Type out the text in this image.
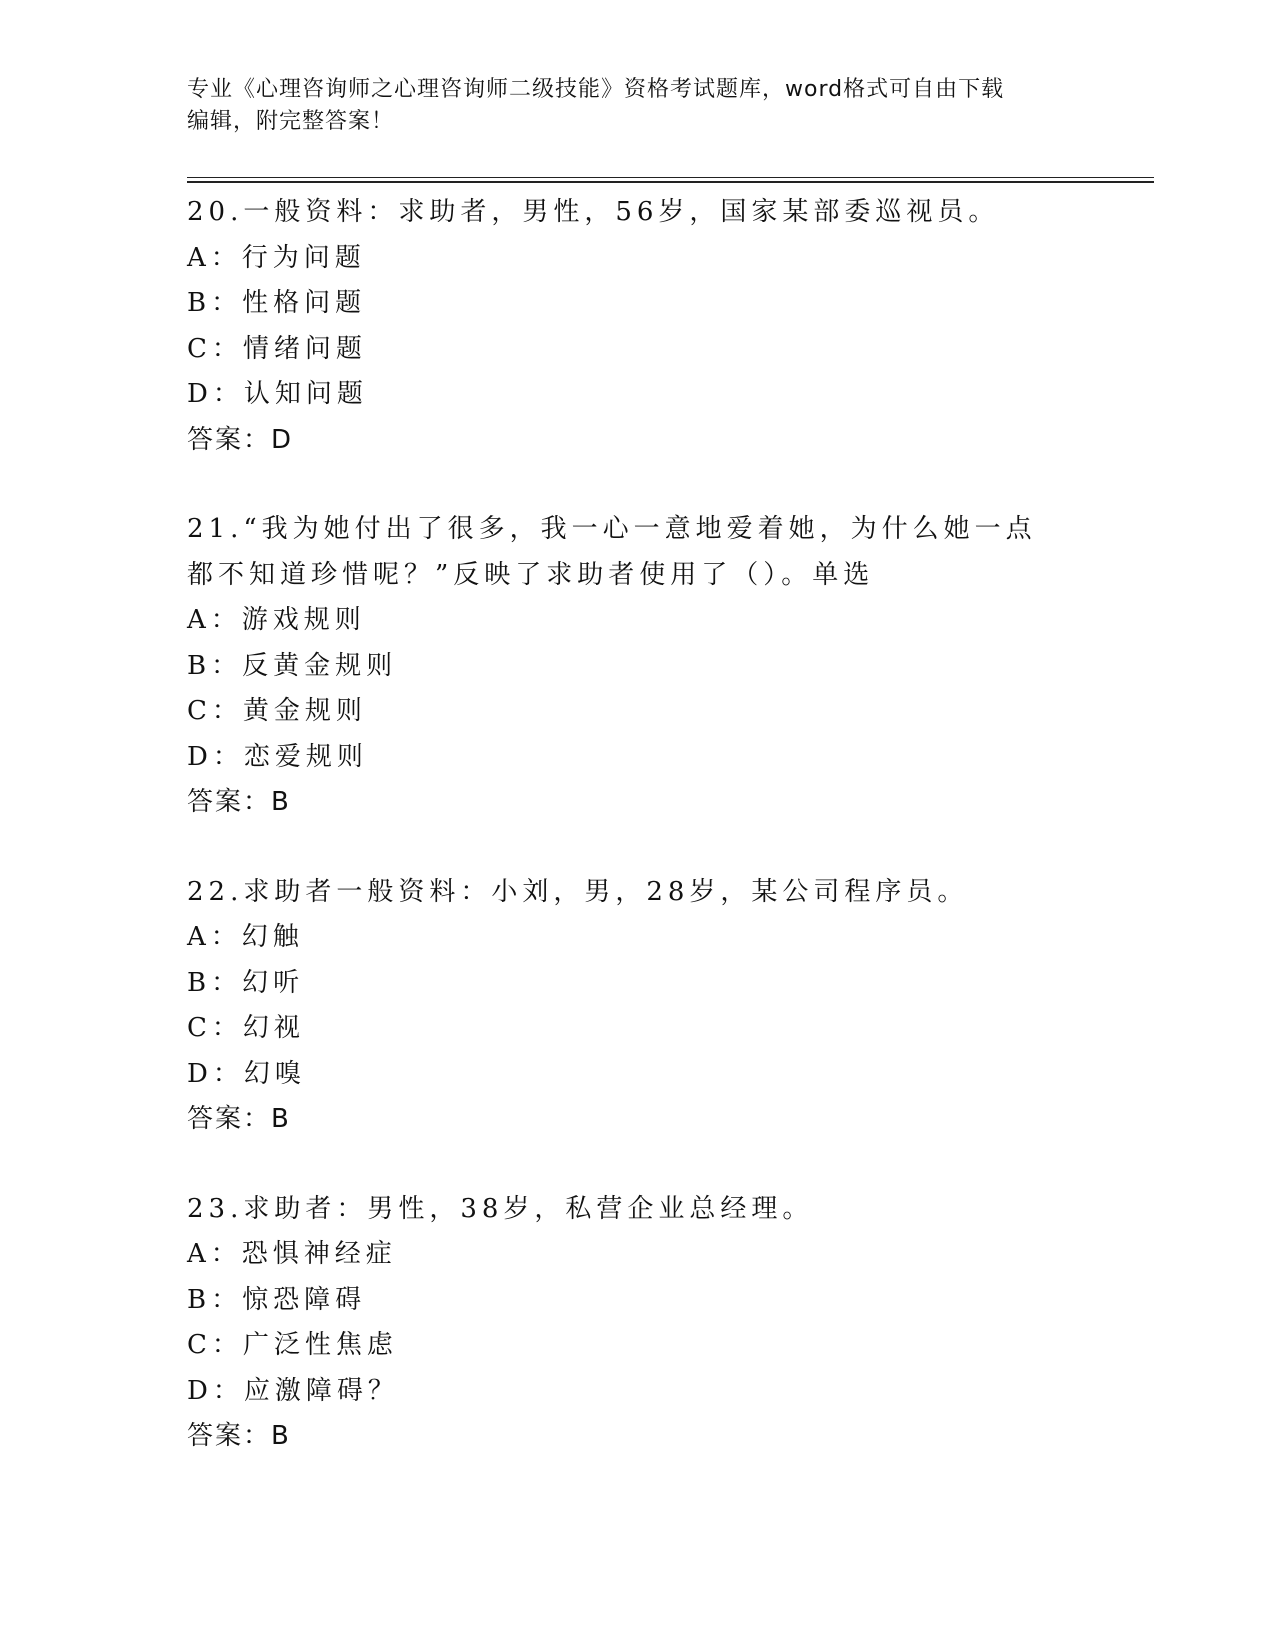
专业《心理咨询师之心理咨询师二级技能》资格考试题库，word格式可自由下载
编辑，附完整答案！
20.一般资料：求助者，男性，56岁，国家某部委巡视员。
A：行为问题
B：性格问题
C：情绪问题
D：认知问题
答案：D
21.“我为她付出了很多，我一心一意地爱着她，为什么她一点都不知道珍惜呢？”反映了求助者使用了（）。单选
A：游戏规则
B：反黄金规则
C：黄金规则
D：恋爱规则
答案：B
22.求助者一般资料：小刘，男，28岁，某公司程序员。
A：幻触
B：幻听
C：幻视
D：幻嗅
答案：B
23.求助者：男性，38岁，私营企业总经理。
A：恐惧神经症
B：惊恐障碍
C：广泛性焦虑
D：应激障碍？
答案：B
